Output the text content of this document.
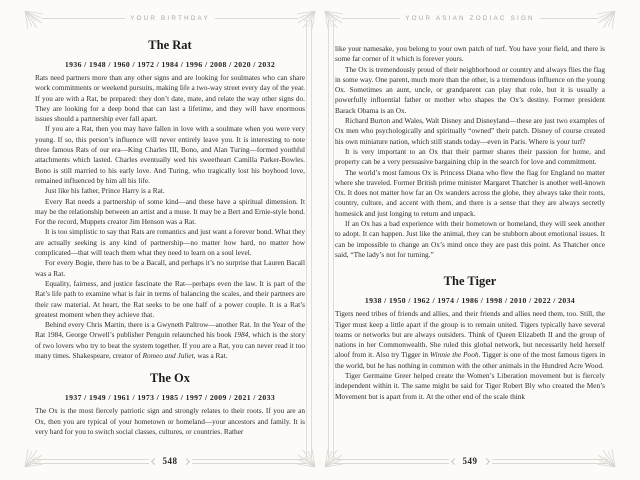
YOUR BIRTHDAY
The Rat
1936 / 1948 / 1960 / 1972 / 1984 / 1996 / 2008 / 2020 / 2032

Rats need partners more than any other signs and are looking for soulmates who can share work commitments or weekend pursuits, making life a two-way street every day of the year. If you are with a Rat, be prepared: they don’t date, mate, and relate the way other signs do. They are looking for a deep bond that can last a lifetime, and they will have enormous issues should a partnership ever fall apart.

If you are a Rat, then you may have fallen in love with a soulmate when you were very young. If so, this person’s influence will never entirely leave you. It is interesting to note three famous Rats of our era—King Charles III, Bono, and Alan Turing—formed youthful attachments which lasted. Charles eventually wed his sweetheart Camilla Parker-Bowles. Bono is still married to his early love. And Turing, who tragically lost his boyhood love, remained influenced by him all his life.

Just like his father, Prince Harry is a Rat.

Every Rat needs a partnership of some kind—and these have a spiritual dimension. It may be the relationship between an artist and a muse. It may be a Bert and Ernie-style bond. For the record, Muppets creator Jim Henson was a Rat.

It is too simplistic to say that Rats are romantics and just want a forever bond. What they are actually seeking is any kind of partnership—no matter how hard, no matter how complicated—that will teach them what they need to learn on a soul level.

For every Bogie, there has to be a Bacall, and perhaps it’s no surprise that Lauren Bacall was a Rat.

Equality, fairness, and justice fascinate the Rat—perhaps even the law. It is part of the Rat’s life path to examine what is fair in terms of balancing the scales, and their partners are their raw material. At heart, the Rat seeks to be one half of a power couple. It is a Rat’s greatest moment when they achieve that.

Behind every Chris Martin, there is a Gwyneth Paltrow—another Rat. In the Year of the Rat 1984, George Orwell’s publisher Penguin relaunched his book 1984, which is the story of two lovers who try to beat the system together. If you are a Rat, you can never read it too many times. Shakespeare, creator of Romeo and Juliet, was a Rat.

The Ox
1937 / 1949 / 1961 / 1973 / 1985 / 1997 / 2009 / 2021 / 2033

The Ox is the most fiercely patriotic sign and strongly relates to their roots. If you are an Ox, then you are typical of your hometown or homeland—your ancestors and family. It is very hard for you to switch social classes, cultures, or countries. Rather

548
YOUR ASIAN ZODIAC SIGN

like your namesake, you belong to your own patch of turf. You have your field, and there is some far corner of it which is forever yours.

The Ox is tremendously proud of their neighborhood or country and always flies the flag in some way. One parent, much more than the other, is a tremendous influence on the young Ox. Sometimes an aunt, uncle, or grandparent can play that role, but it is usually a powerfully influential father or mother who shapes the Ox’s destiny. Former president Barack Obama is an Ox.

Richard Burton and Wales, Walt Disney and Disneyland—these are just two examples of Ox men who psychologically and spiritually “owned” their patch. Disney of course created his own miniature nation, which still stands today—even in Paris. Where is your turf?

It is very important to an Ox that their partner shares their passion for home, and property can be a very persuasive bargaining chip in the search for love and commitment.

The world’s most famous Ox is Princess Diana who flew the flag for England no matter where she traveled. Former British prime minister Margaret Thatcher is another well-known Ox. It does not matter how far an Ox wanders across the globe, they always take their roots, country, culture, and accent with them, and there is a sense that they are always secretly homesick and just longing to return and unpack.

If an Ox has a bad experience with their hometown or homeland, they will seek another to adopt. It can happen. Just like the animal, they can be stubborn about emotional issues. It can be impossible to change an Ox’s mind once they are past this point. As Thatcher once said, “The lady’s not for turning.”

The Tiger
1938 / 1950 / 1962 / 1974 / 1986 / 1998 / 2010 / 2022 / 2034

Tigers need tribes of friends and allies, and their friends and allies need them, too. Still, the Tiger must keep a little apart if the group is to remain united. Tigers typically have several teams or networks but are always outsiders. Think of Queen Elizabeth II and the group of nations in her Commonwealth. She ruled this global network, but necessarily held herself aloof from it. Also try Tigger in Winnie the Pooh. Tigger is one of the most famous tigers in the world, but he has nothing in common with the other animals in the Hundred Acre Wood.

Tiger Germaine Greer helped create the Women’s Liberation movement but is fiercely independent within it. The same might be said for Tiger Robert Bly who created the Men’s Movement but is apart from it. At the other end of the scale think

549
